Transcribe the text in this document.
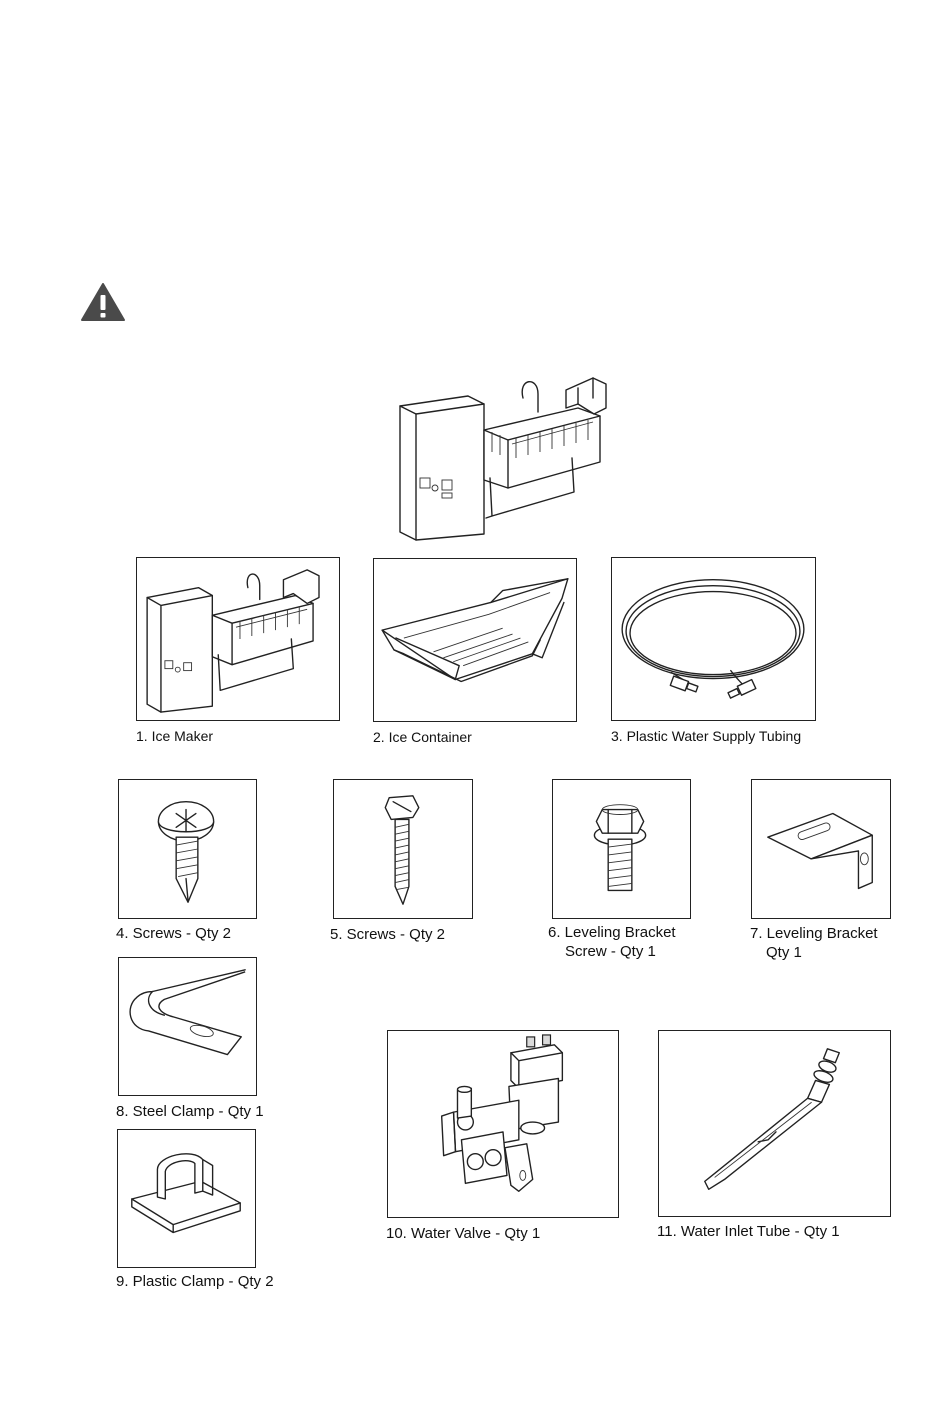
1. Ice Maker	2. Ice Container	3. Plastic Water Supply Tubing
4. Screws - Qty 2	5. Screws - Qty 2	6. Leveling Bracket
Screw - Qty 1
7. Leveling Bracket
Qty 1
8. Steel Clamp - Qty 1
9. Plastic Clamp - Qty 2
10. Water Valve - Qty 1	11. Water Inlet Tube - Qty 1
